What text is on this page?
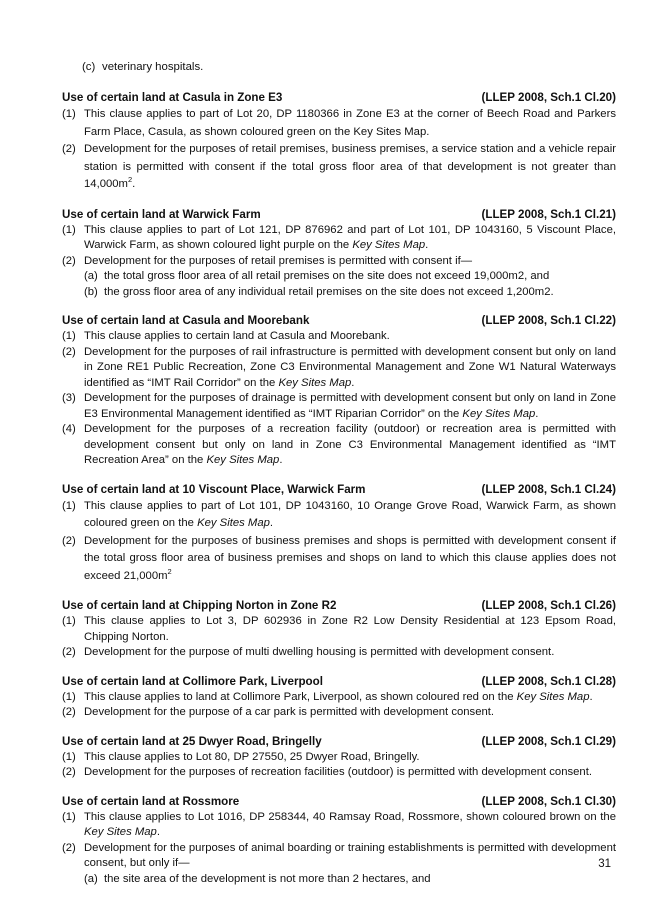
(c) veterinary hospitals.
Use of certain land at Casula in Zone E3	(LLEP 2008, Sch.1 Cl.20)
(1) This clause applies to part of Lot 20, DP 1180366 in Zone E3 at the corner of Beech Road and Parkers Farm Place, Casula, as shown coloured green on the Key Sites Map.
(2) Development for the purposes of retail premises, business premises, a service station and a vehicle repair station is permitted with consent if the total gross floor area of that development is not greater than $14,000m^2$.
Use of certain land at Warwick Farm	(LLEP 2008, Sch.1 Cl.21)
(1) This clause applies to part of Lot 121, DP 876962 and part of Lot 101, DP 1043160, 5 Viscount Place, Warwick Farm, as shown coloured light purple on the Key Sites Map.
(2) Development for the purposes of retail premises is permitted with consent if—
(a) the total gross floor area of all retail premises on the site does not exceed 19,000m2, and
(b) the gross floor area of any individual retail premises on the site does not exceed 1,200m2.
Use of certain land at Casula and Moorebank	(LLEP 2008, Sch.1 Cl.22)
(1) This clause applies to certain land at Casula and Moorebank.
(2) Development for the purposes of rail infrastructure is permitted with development consent but only on land in Zone RE1 Public Recreation, Zone C3 Environmental Management and Zone W1 Natural Waterways identified as “IMT Rail Corridor” on the Key Sites Map.
(3) Development for the purposes of drainage is permitted with development consent but only on land in Zone E3 Environmental Management identified as “IMT Riparian Corridor” on the Key Sites Map.
(4) Development for the purposes of a recreation facility (outdoor) or recreation area is permitted with development consent but only on land in Zone C3 Environmental Management identified as “IMT Recreation Area” on the Key Sites Map.
Use of certain land at 10 Viscount Place, Warwick Farm	(LLEP 2008, Sch.1 Cl.24)
(1) This clause applies to part of Lot 101, DP 1043160, 10 Orange Grove Road, Warwick Farm, as shown coloured green on the Key Sites Map.
(2) Development for the purposes of business premises and shops is permitted with development consent if the total gross floor area of business premises and shops on land to which this clause applies does not exceed $21,000m^2$
Use of certain land at Chipping Norton in Zone R2	(LLEP 2008, Sch.1 Cl.26)
(1) This clause applies to Lot 3, DP 602936 in Zone R2 Low Density Residential at 123 Epsom Road, Chipping Norton.
(2) Development for the purpose of multi dwelling housing is permitted with development consent.
Use of certain land at Collimore Park, Liverpool	(LLEP 2008, Sch.1 Cl.28)
(1) This clause applies to land at Collimore Park, Liverpool, as shown coloured red on the Key Sites Map.
(2) Development for the purpose of a car park is permitted with development consent.
Use of certain land at 25 Dwyer Road, Bringelly	(LLEP 2008, Sch.1 Cl.29)
(1) This clause applies to Lot 80, DP 27550, 25 Dwyer Road, Bringelly.
(2) Development for the purposes of recreation facilities (outdoor) is permitted with development consent.
Use of certain land at Rossmore	(LLEP 2008, Sch.1 Cl.30)
(1) This clause applies to Lot 1016, DP 258344, 40 Ramsay Road, Rossmore, shown coloured brown on the Key Sites Map.
(2) Development for the purposes of animal boarding or training establishments is permitted with development consent, but only if—
(a) the site area of the development is not more than 2 hectares, and
31
